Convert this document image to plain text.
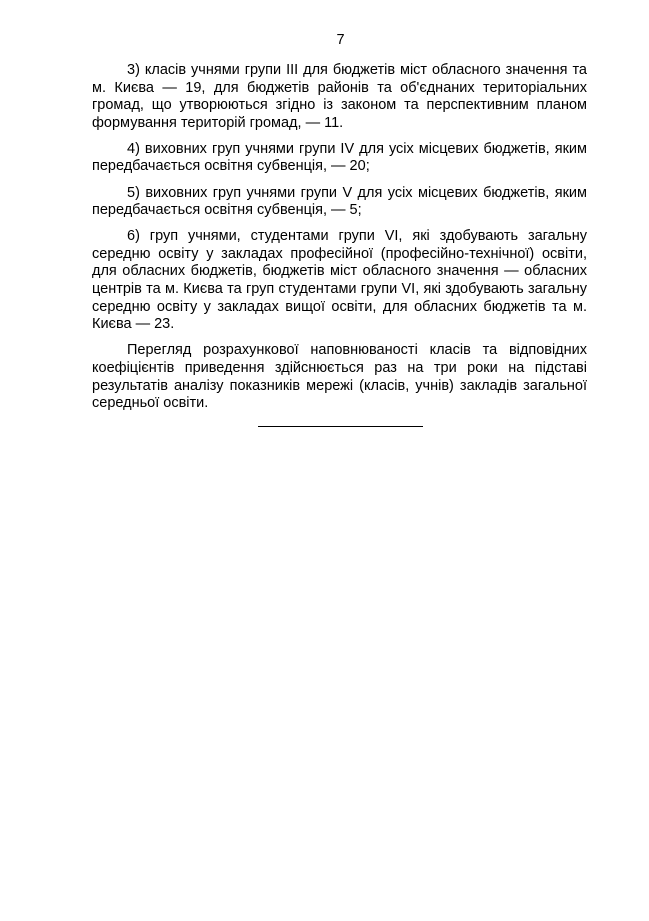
7

3) класів учнями групи III для бюджетів міст обласного значення та м. Києва — 19, для бюджетів районів та об'єднаних територіальних громад, що утворюються згідно із законом та перспективним планом формування територій громад, — 11.

4) виховних груп учнями групи IV для усіх місцевих бюджетів, яким передбачається освітня субвенція, — 20;

5) виховних груп учнями групи V для усіх місцевих бюджетів, яким передбачається освітня субвенція, — 5;

6) груп учнями, студентами групи VI, які здобувають загальну середню освіту у закладах професійної (професійно-технічної) освіти, для обласних бюджетів, бюджетів міст обласного значення — обласних центрів та м. Києва та груп студентами групи VI, які здобувають загальну середню освіту у закладах вищої освіти, для обласних бюджетів та м. Києва — 23.

Перегляд розрахункової наповнюваності класів та відповідних коефіцієнтів приведення здійснюється раз на три роки на підставі результатів аналізу показників мережі (класів, учнів) закладів загальної середньої освіти.
